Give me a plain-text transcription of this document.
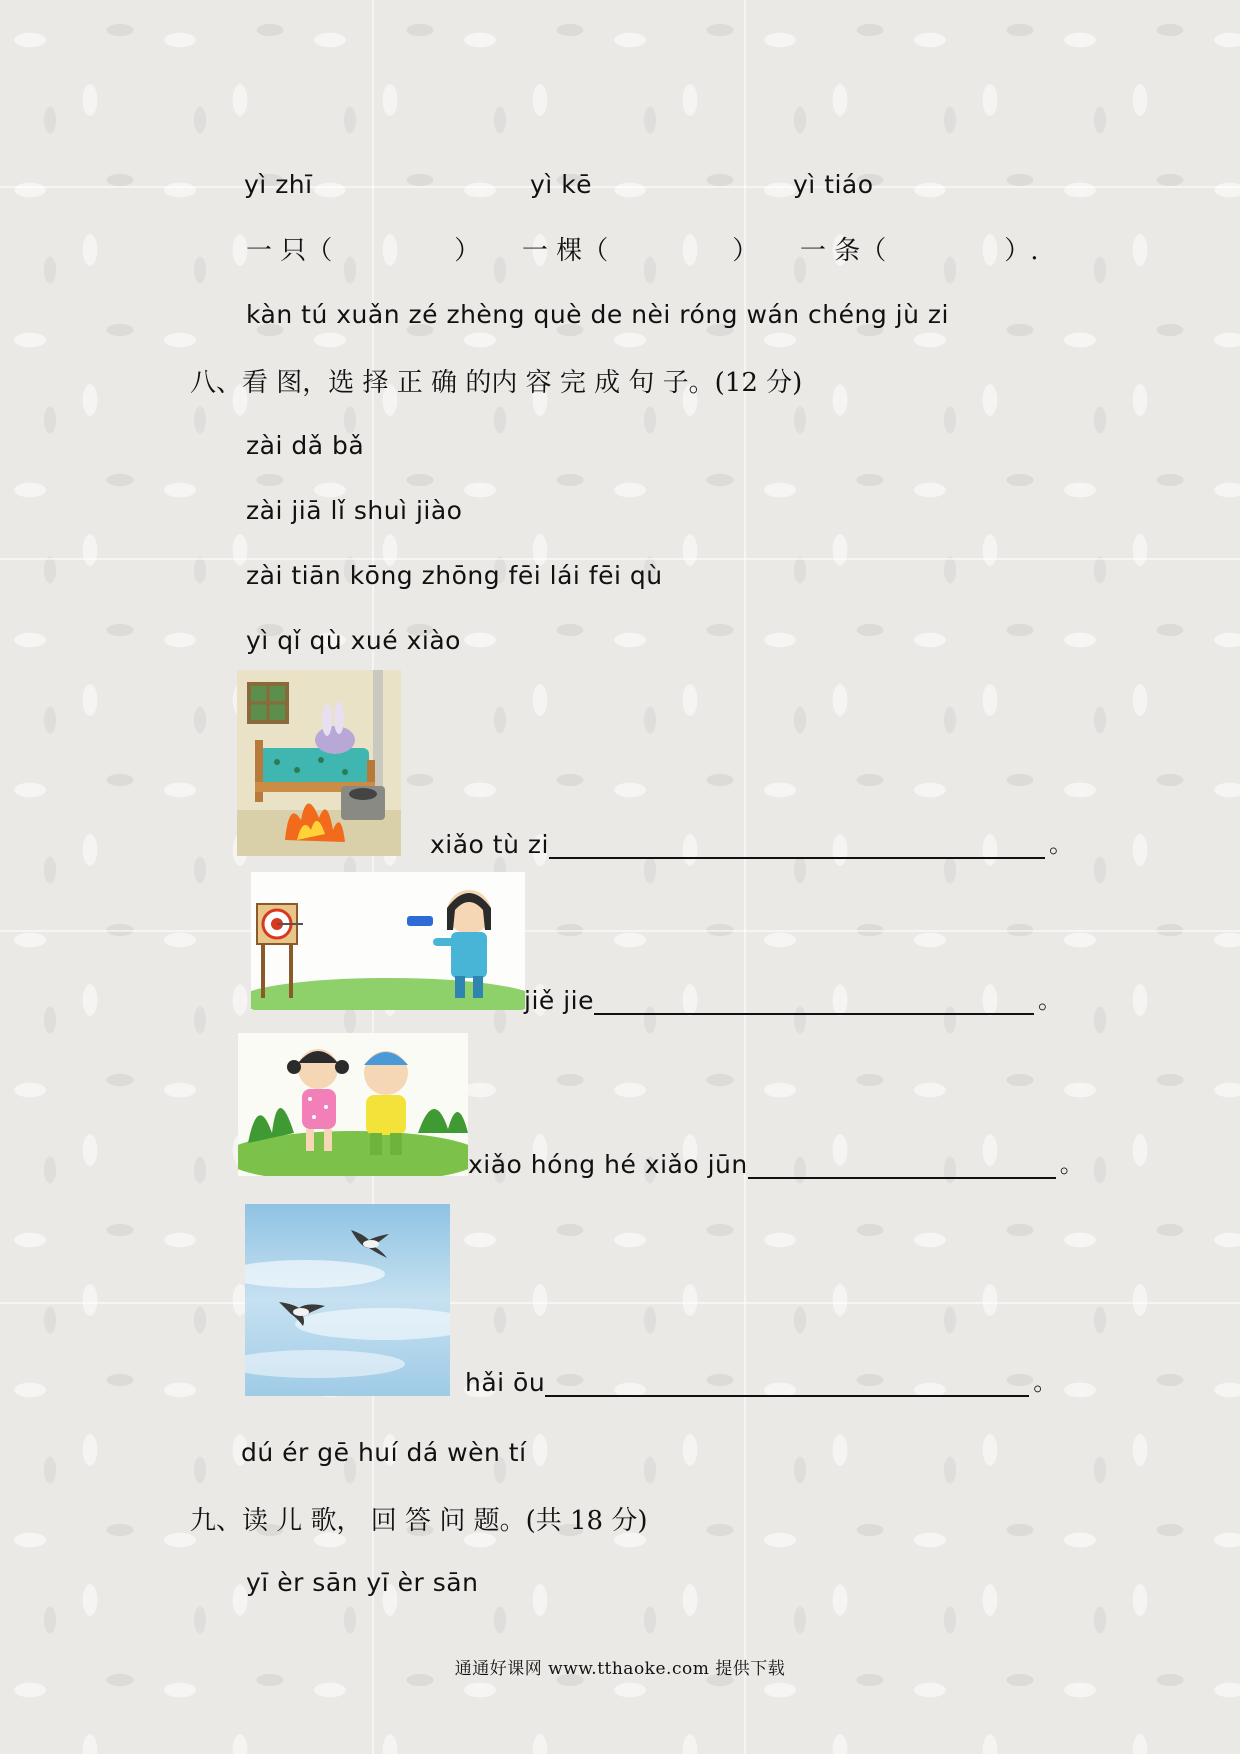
yì zhī	yì kē	yì tiáo
一 只（	） 一 棵（	） 一 条（	）.
kàn tú xuǎn zé zhèng què de nèi róng wán chéng jù zi
八、看 图，选 择 正 确 的内 容 完 成 句 子。(12 分)
zài dǎ bǎ
zài jiā lǐ shuì jiào
zài tiān kōng zhōng fēi lái fēi qù
yì qǐ qù xué xiào
xiǎo tù zi	。
jiě jie	。
xiǎo hóng hé xiǎo jūn	。
hǎi ōu	。
dú ér gē huí dá wèn tí
九、读 儿 歌， 回 答 问 题。(共 18 分)
yī èr sān yī èr sān
通通好课网 www.tthaoke.com 提供下载
